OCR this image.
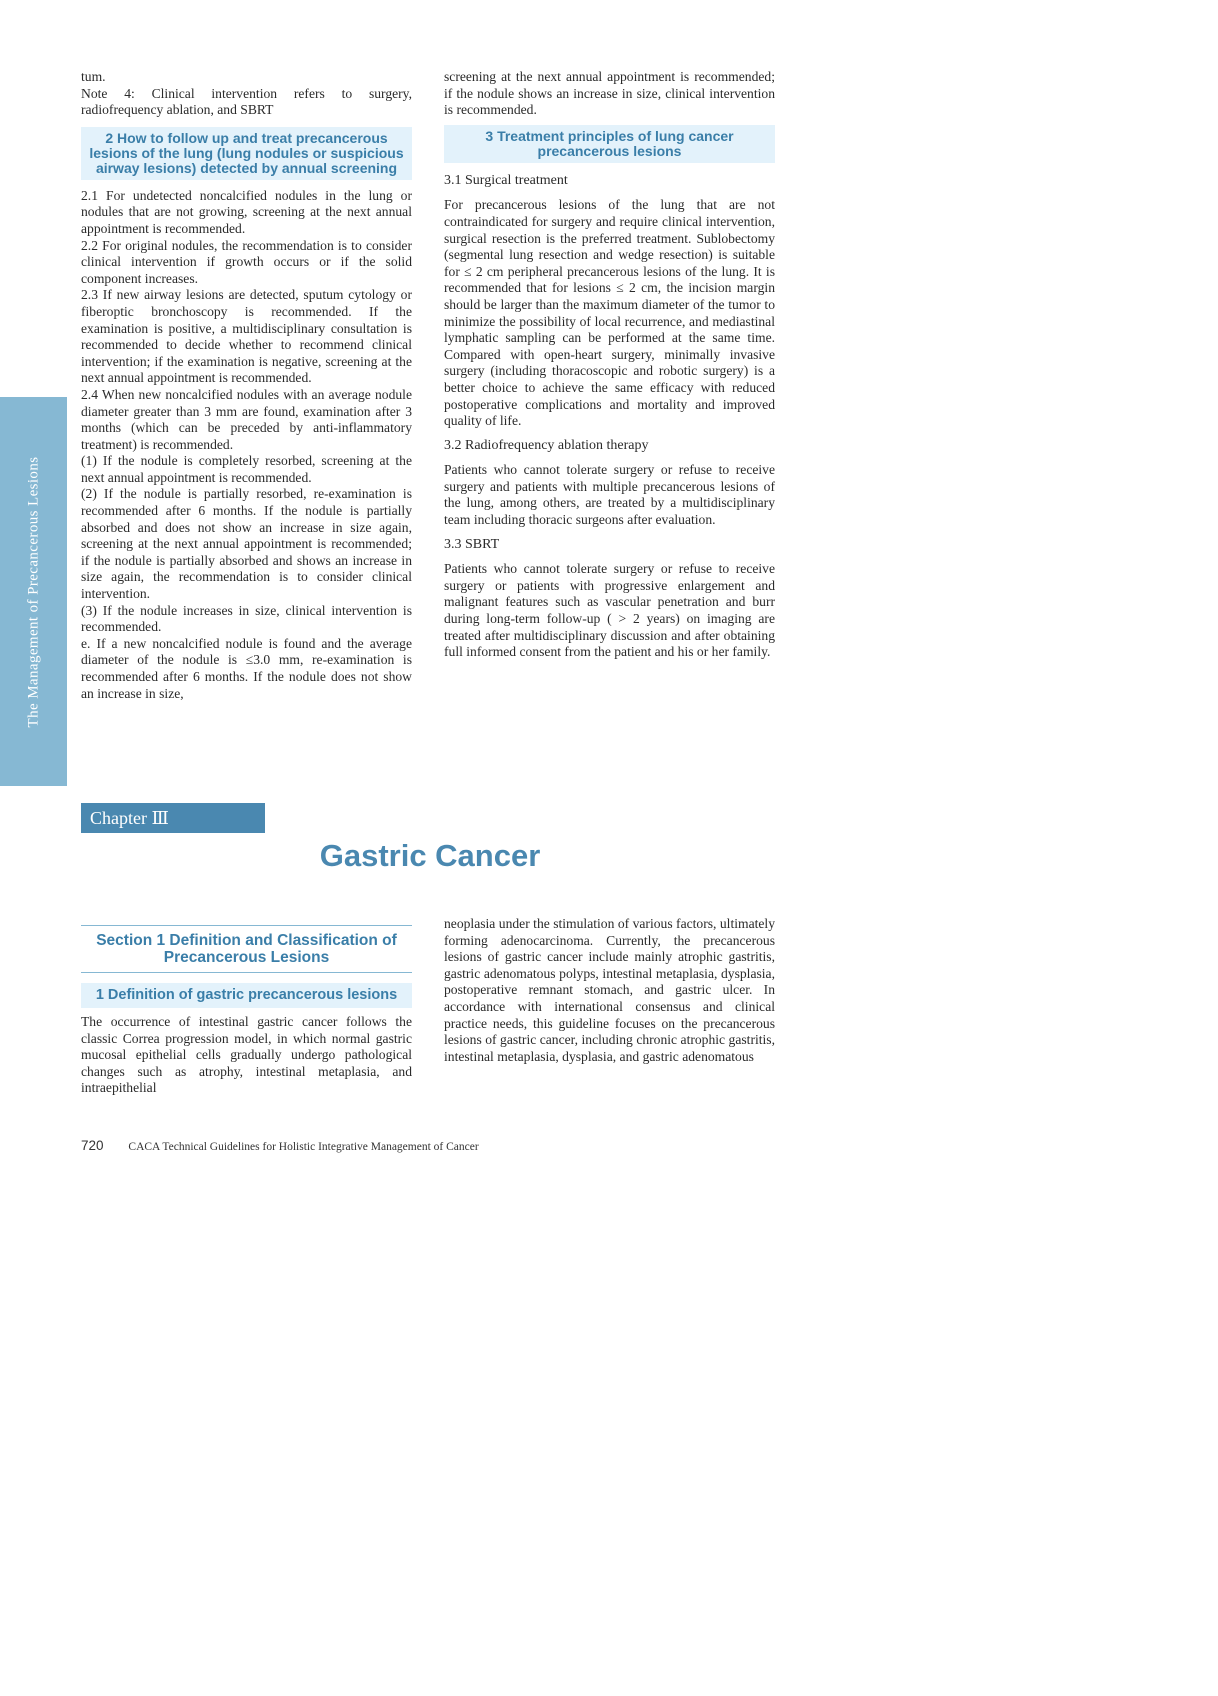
The Management of Precancerous Lesions

tum.

Note 4: Clinical intervention refers to surgery, radiofrequency ablation, and SBRT

2 How to follow up and treat precancerous lesions of the lung (lung nodules or suspicious airway lesions) detected by annual screening

2.1 For undetected noncalcified nodules in the lung or nodules that are not growing, screening at the next annual appointment is recommended.

2.2 For original nodules, the recommendation is to consider clinical intervention if growth occurs or if the solid component increases.

2.3 If new airway lesions are detected, sputum cytology or fiberoptic bronchoscopy is recommended. If the examination is positive, a multidisciplinary consultation is recommended to decide whether to recommend clinical intervention; if the examination is negative, screening at the next annual appointment is recommended.

2.4 When new noncalcified nodules with an average nodule diameter greater than 3 mm are found, examination after 3 months (which can be preceded by anti-inflammatory treatment) is recommended.

(1) If the nodule is completely resorbed, screening at the next annual appointment is recommended.

(2) If the nodule is partially resorbed, re-examination is recommended after 6 months. If the nodule is partially absorbed and does not show an increase in size again, screening at the next annual appointment is recommended; if the nodule is partially absorbed and shows an increase in size again, the recommendation is to consider clinical intervention.

(3) If the nodule increases in size, clinical intervention is recommended.

e. If a new noncalcified nodule is found and the average diameter of the nodule is ≤3.0 mm, re-examination is recommended after 6 months. If the nodule does not show an increase in size,

screening at the next annual appointment is recommended; if the nodule shows an increase in size, clinical intervention is recommended.

3 Treatment principles of lung cancer precancerous lesions

3.1 Surgical treatment

For precancerous lesions of the lung that are not contraindicated for surgery and require clinical intervention, surgical resection is the preferred treatment. Sublobectomy (segmental lung resection and wedge resection) is suitable for ≤ 2 cm peripheral precancerous lesions of the lung. It is recommended that for lesions ≤ 2 cm, the incision margin should be larger than the maximum diameter of the tumor to minimize the possibility of local recurrence, and mediastinal lymphatic sampling can be performed at the same time. Compared with open-heart surgery, minimally invasive surgery (including thoracoscopic and robotic surgery) is a better choice to achieve the same efficacy with reduced postoperative complications and mortality and improved quality of life.

3.2 Radiofrequency ablation therapy

Patients who cannot tolerate surgery or refuse to receive surgery and patients with multiple precancerous lesions of the lung, among others, are treated by a multidisciplinary team including thoracic surgeons after evaluation.

3.3 SBRT

Patients who cannot tolerate surgery or refuse to receive surgery or patients with progressive enlargement and malignant features such as vascular penetration and burr during long-term follow-up ( > 2 years) on imaging are treated after multidisciplinary discussion and after obtaining full informed consent from the patient and his or her family.

Chapter Ⅲ
Gastric Cancer

Section 1 Definition and Classification of Precancerous Lesions

1 Definition of gastric precancerous lesions

The occurrence of intestinal gastric cancer follows the classic Correa progression model, in which normal gastric mucosal epithelial cells gradually undergo pathological changes such as atrophy, intestinal metaplasia, and intraepithelial

neoplasia under the stimulation of various factors, ultimately forming adenocarcinoma. Currently, the precancerous lesions of gastric cancer include mainly atrophic gastritis, gastric adenomatous polyps, intestinal metaplasia, dysplasia, postoperative remnant stomach, and gastric ulcer. In accordance with international consensus and clinical practice needs, this guideline focuses on the precancerous lesions of gastric cancer, including chronic atrophic gastritis, intestinal metaplasia, dysplasia, and gastric adenomatous

720 CACA Technical Guidelines for Holistic Integrative Management of Cancer
